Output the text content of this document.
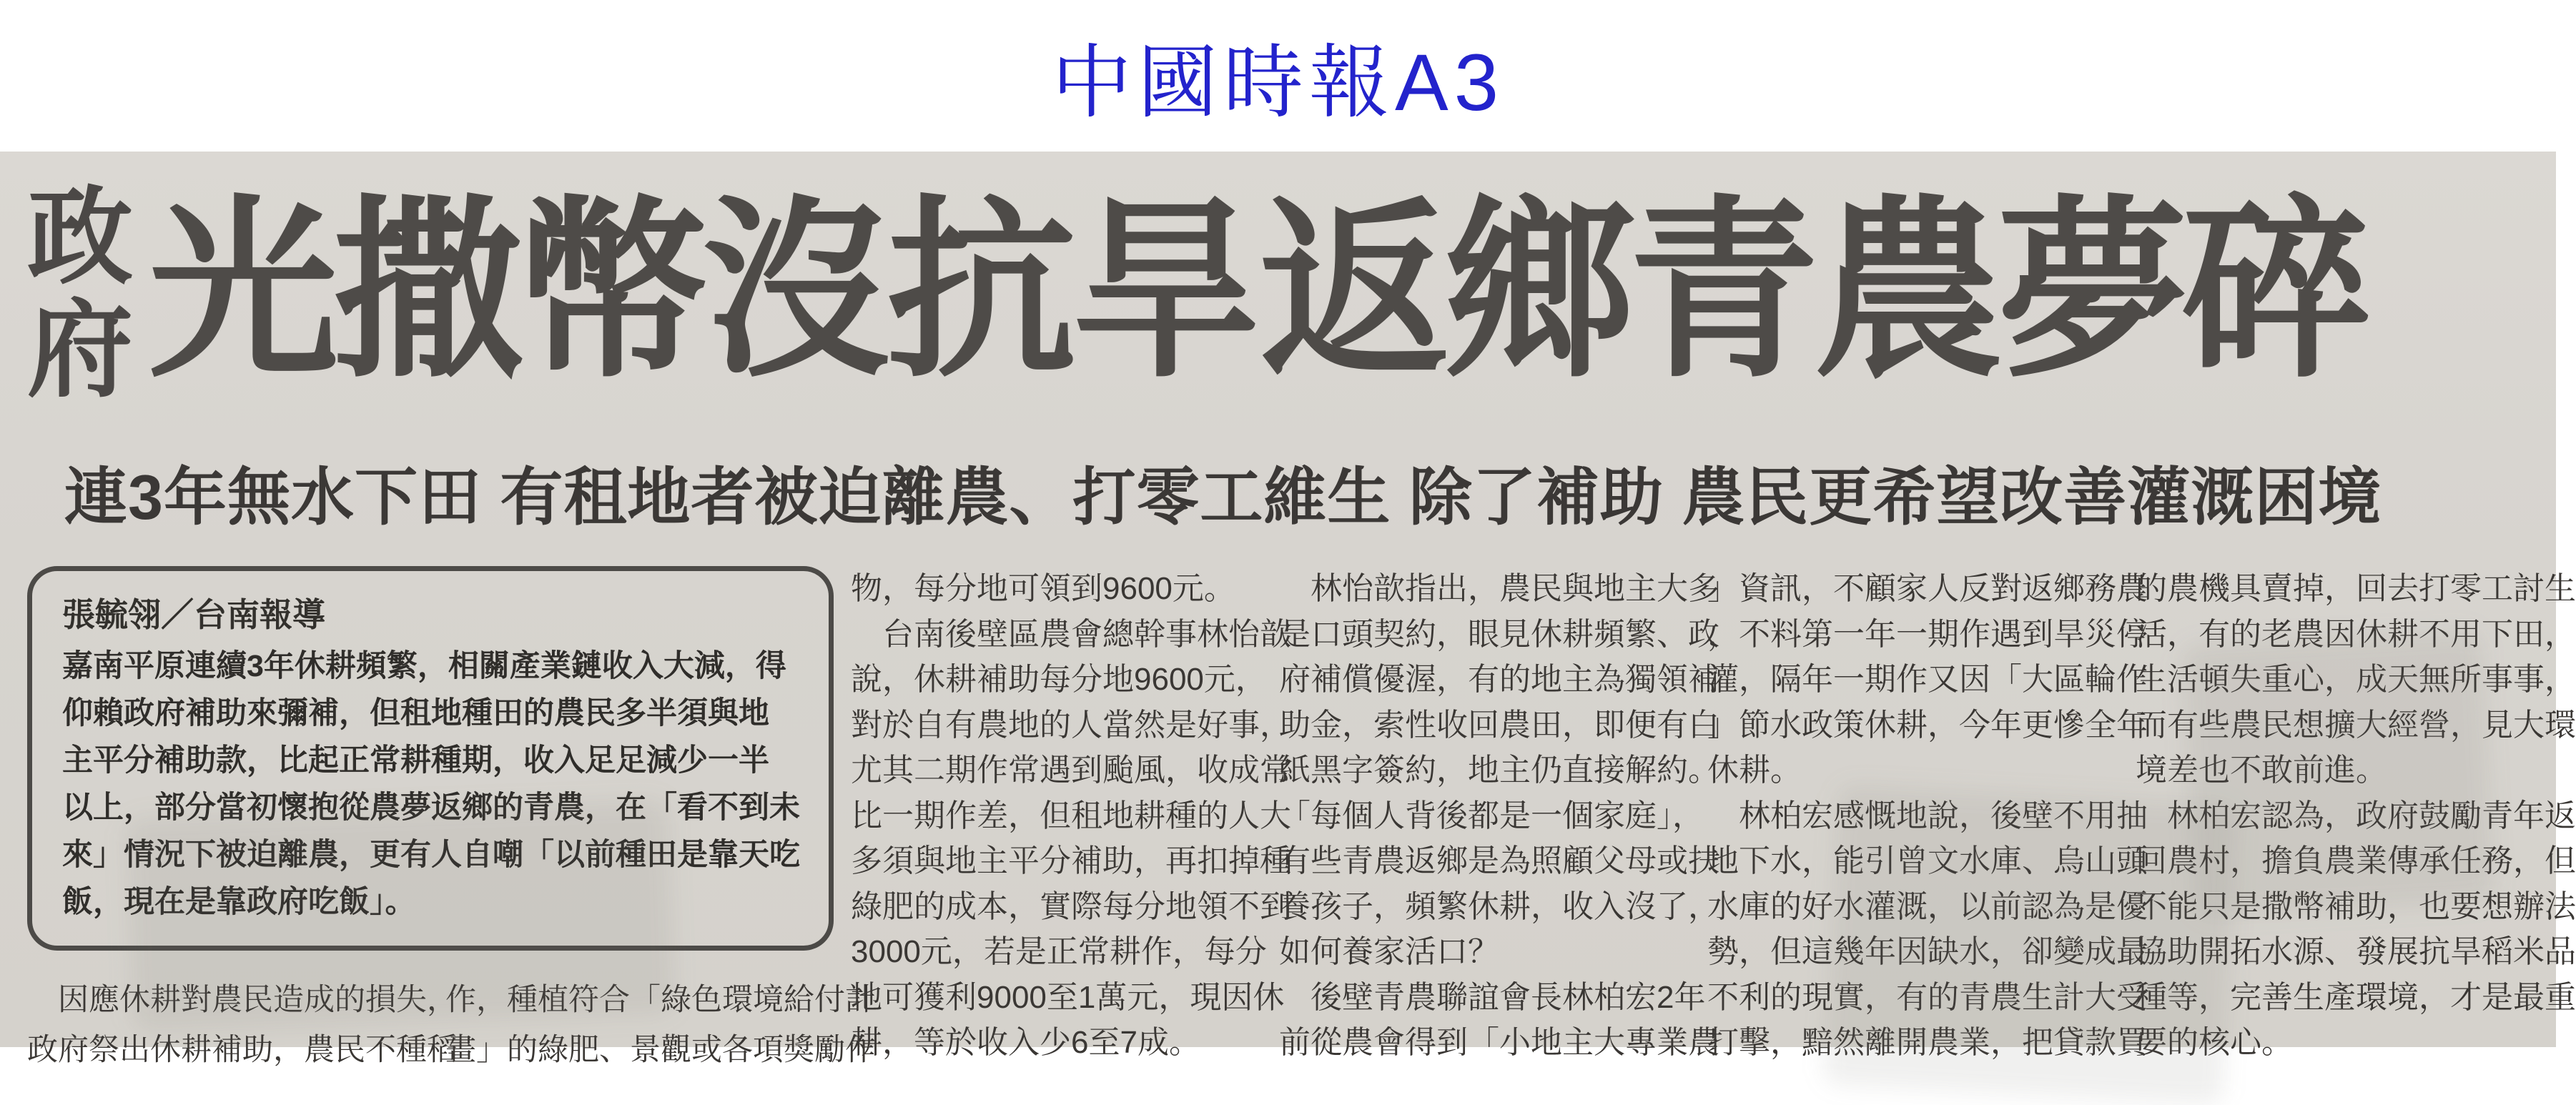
中國時報A3
政府 光撒幣沒抗旱 返鄉青農夢碎
連3年無水下田 有租地者被迫離農、打零工維生 除了補助 農民更希望改善灌溉困境
張毓翎／台南報導
嘉南平原連續3年休耕頻繁，相關產業鏈收入大減，得
仰賴政府補助來彌補，但租地種田的農民多半須與地
主平分補助款，比起正常耕種期，收入足足減少一半
以上，部分當初懷抱從農夢返鄉的青農，在「看不到未
來」情況下被迫離農，更有人自嘲「以前種田是靠天吃
飯，現在是靠政府吃飯」。
　因應休耕對農民造成的損失，
政府祭出休耕補助，農民不種稻
作，種植符合「綠色環境給付計
畫」的綠肥、景觀或各項獎勵作
物，每分地可領到9600元。
　台南後壁區農會總幹事林怡歆
說，休耕補助每分地9600元，
對於自有農地的人當然是好事，
尤其二期作常遇到颱風，收成常
比一期作差，但租地耕種的人大
多須與地主平分補助，再扣掉種
綠肥的成本，實際每分地領不到
3000元，若是正常耕作，每分
地可獲利9000至1萬元，現因休
耕，等於收入少6至7成。
　林怡歆指出，農民與地主大多
是口頭契約，眼見休耕頻繁、政
府補償優渥，有的地主為獨領補
助金，索性收回農田，即便有白
紙黑字簽約，地主仍直接解約。
「每個人背後都是一個家庭」，
有些青農返鄉是為照顧父母或扶
養孩子，頻繁休耕，收入沒了，
如何養家活口？
　後壁青農聯誼會長林柏宏2年
前從農會得到「小地主大專業農
」資訊，不顧家人反對返鄉務農
，不料第一年一期作遇到旱災停
灌，隔年一期作又因「大區輪作
」節水政策休耕，今年更慘全年
休耕。
　林柏宏感慨地說，後壁不用抽
地下水，能引曾文水庫、烏山頭
水庫的好水灌溉，以前認為是優
勢，但這幾年因缺水，卻變成最
不利的現實，有的青農生計大受
打擊，黯然離開農業，把貸款買
的農機具賣掉，回去打零工討生
活，有的老農因休耕不用下田，
生活頓失重心，成天無所事事，
而有些農民想擴大經營，見大環
境差也不敢前進。
　林柏宏認為，政府鼓勵青年返
回農村，擔負農業傳承任務，但
不能只是撒幣補助，也要想辦法
協助開拓水源、發展抗旱稻米品
種等，完善生產環境，才是最重
要的核心。
